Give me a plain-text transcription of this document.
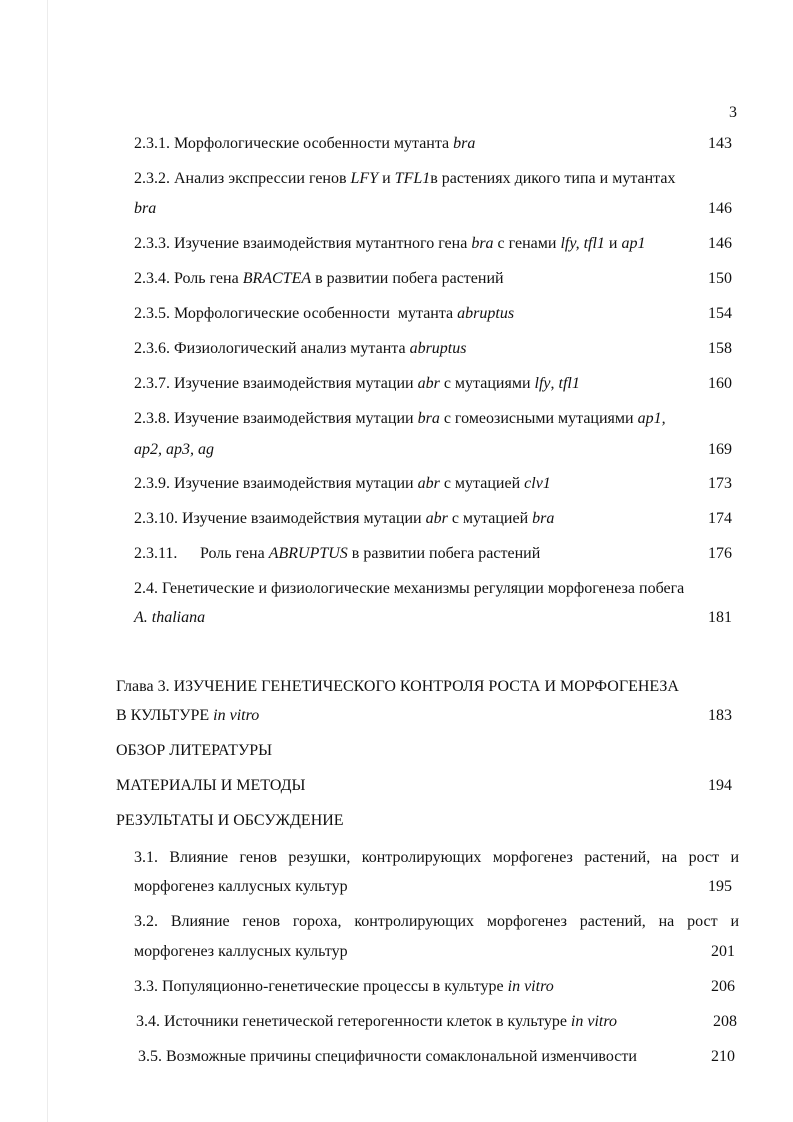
3
2.3.1. Морфологические особенности мутанта bra	143
2.3.2. Анализ экспрессии генов LFY и TFL1в растениях дикого типа и мутантах
bra	146
2.3.3. Изучение взаимодействия мутантного гена bra с генами lfy, tfl1 и ap1	146
2.3.4. Роль гена BRACTEA в развитии побега растений	150
2.3.5. Морфологические особенности  мутанта abruptus	154
2.3.6. Физиологический анализ мутанта abruptus	158
2.3.7. Изучение взаимодействия мутации abr с мутациями lfy, tfl1	160
2.3.8. Изучение взаимодействия мутации bra с гомеозисными мутациями ap1,
ap2, ap3, ag	169
2.3.9. Изучение взаимодействия мутации abr с мутацией clv1	173
2.3.10. Изучение взаимодействия мутации abr с мутацией bra	174
2.3.11. Роль гена ABRUPTUS в развитии побега растений	176
2.4. Генетические и физиологические механизмы регуляции морфогенеза побега
A. thaliana	181
Глава 3. ИЗУЧЕНИЕ ГЕНЕТИЧЕСКОГО КОНТРОЛЯ РОСТА И МОРФОГЕНЕЗА
В КУЛЬТУРЕ in vitro	183
ОБЗОР ЛИТЕРАТУРЫ
МАТЕРИАЛЫ И МЕТОДЫ	194
РЕЗУЛЬТАТЫ И ОБСУЖДЕНИЕ
3.1. Влияние генов резушки, контролирующих морфогенез растений, на рост и
морфогенез каллусных культур	195
3.2. Влияние генов гороха, контролирующих морфогенез растений, на рост и
морфогенез каллусных культур	201
3.3. Популяционно-генетические процессы в культуре in vitro	206
3.4. Источники генетической гетерогенности клеток в культуре in vitro	208
3.5. Возможные причины специфичности сомаклональной изменчивости	210
